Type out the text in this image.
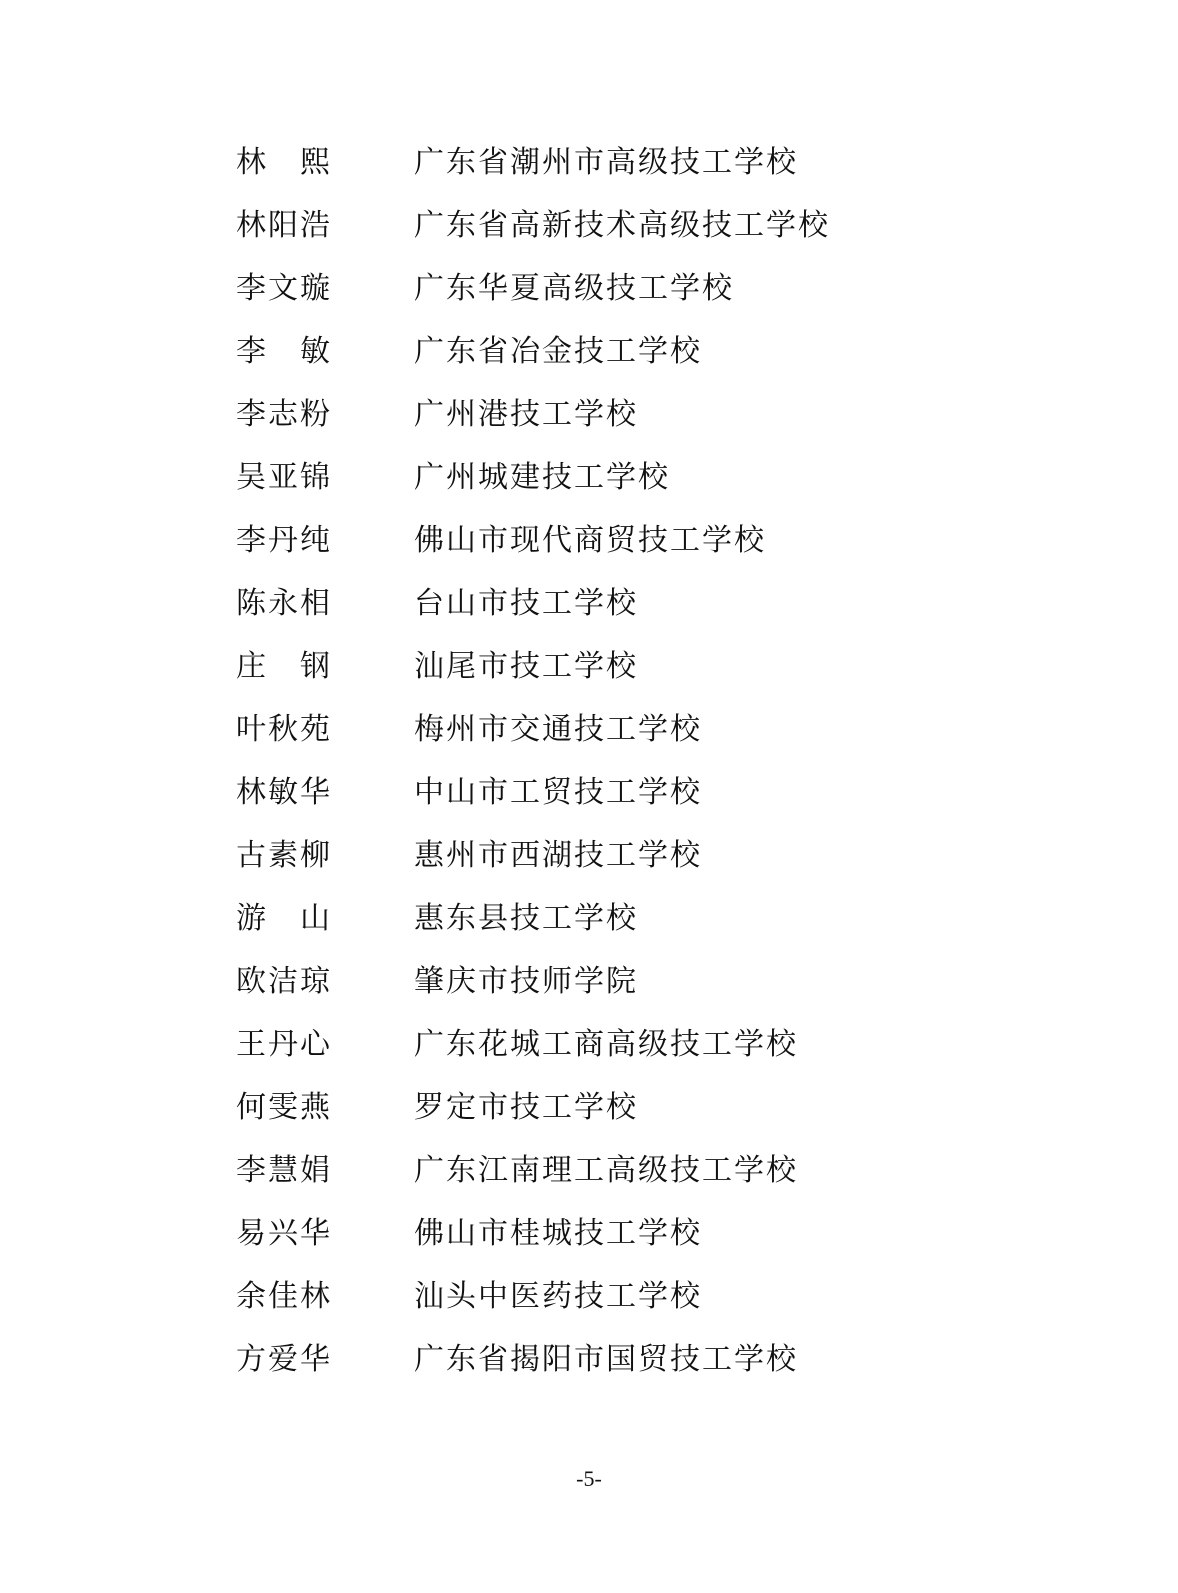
林　熙	广东省潮州市高级技工学校
林阳浩	广东省高新技术高级技工学校
李文璇	广东华夏高级技工学校
李　敏	广东省冶金技工学校
李志粉	广州港技工学校
吴亚锦	广州城建技工学校
李丹纯	佛山市现代商贸技工学校
陈永相	台山市技工学校
庄　钢	汕尾市技工学校
叶秋苑	梅州市交通技工学校
林敏华	中山市工贸技工学校
古素柳	惠州市西湖技工学校
游　山	惠东县技工学校
欧洁琼	肇庆市技师学院
王丹心	广东花城工商高级技工学校
何雯燕	罗定市技工学校
李慧娟	广东江南理工高级技工学校
易兴华	佛山市桂城技工学校
余佳林	汕头中医药技工学校
方爱华	广东省揭阳市国贸技工学校
-5-
